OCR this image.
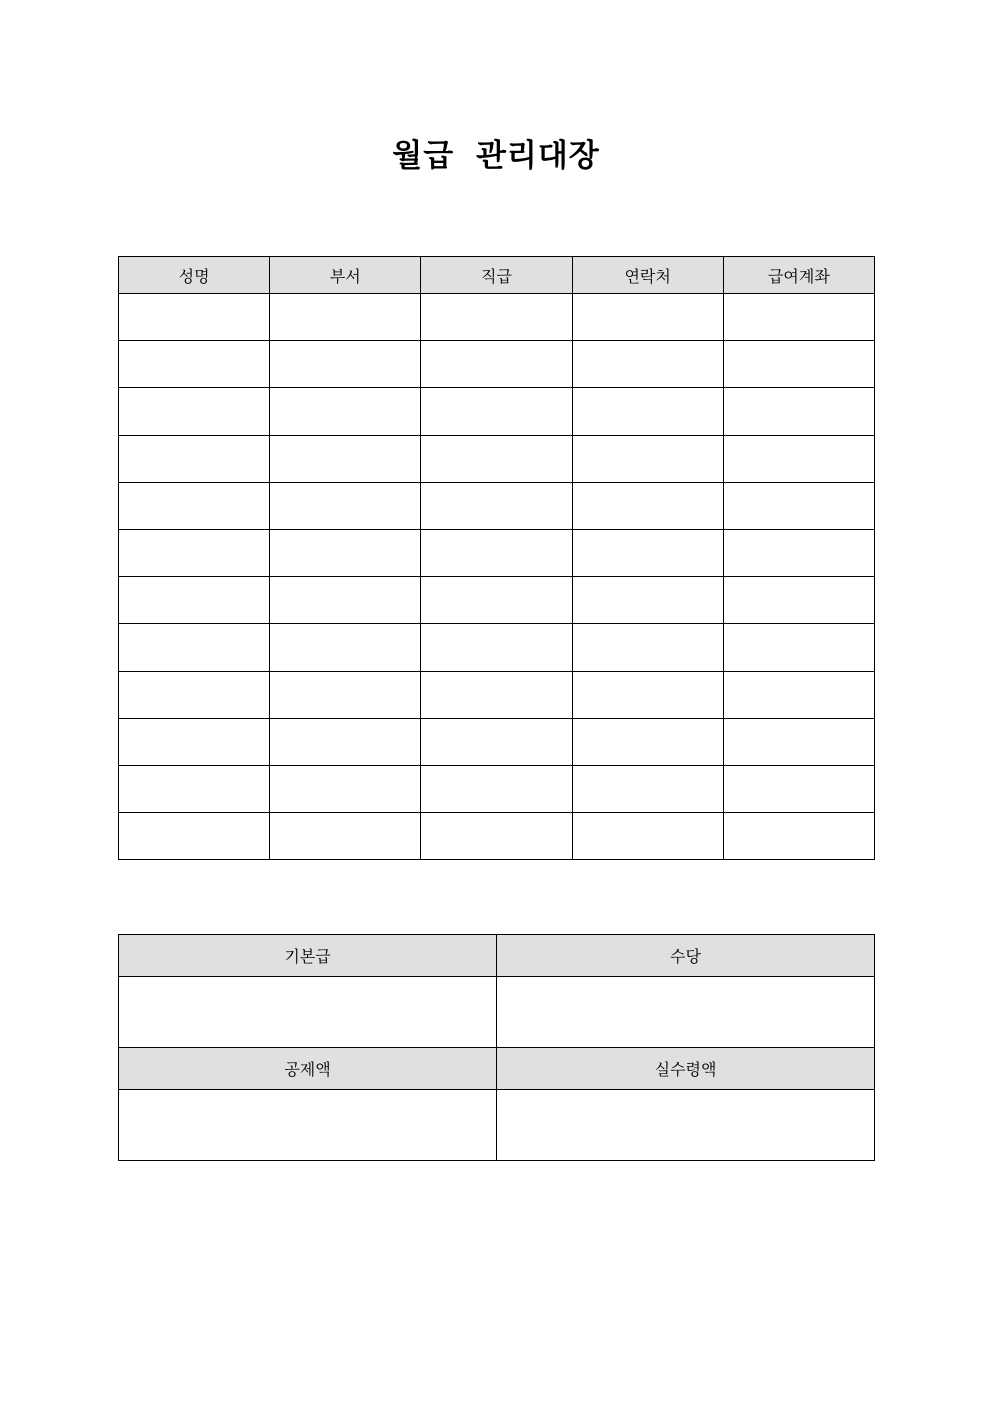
월급 관리대장
성명	부서	직급	연락처	급여계좌

기본급	수당

공제액	실수령액
